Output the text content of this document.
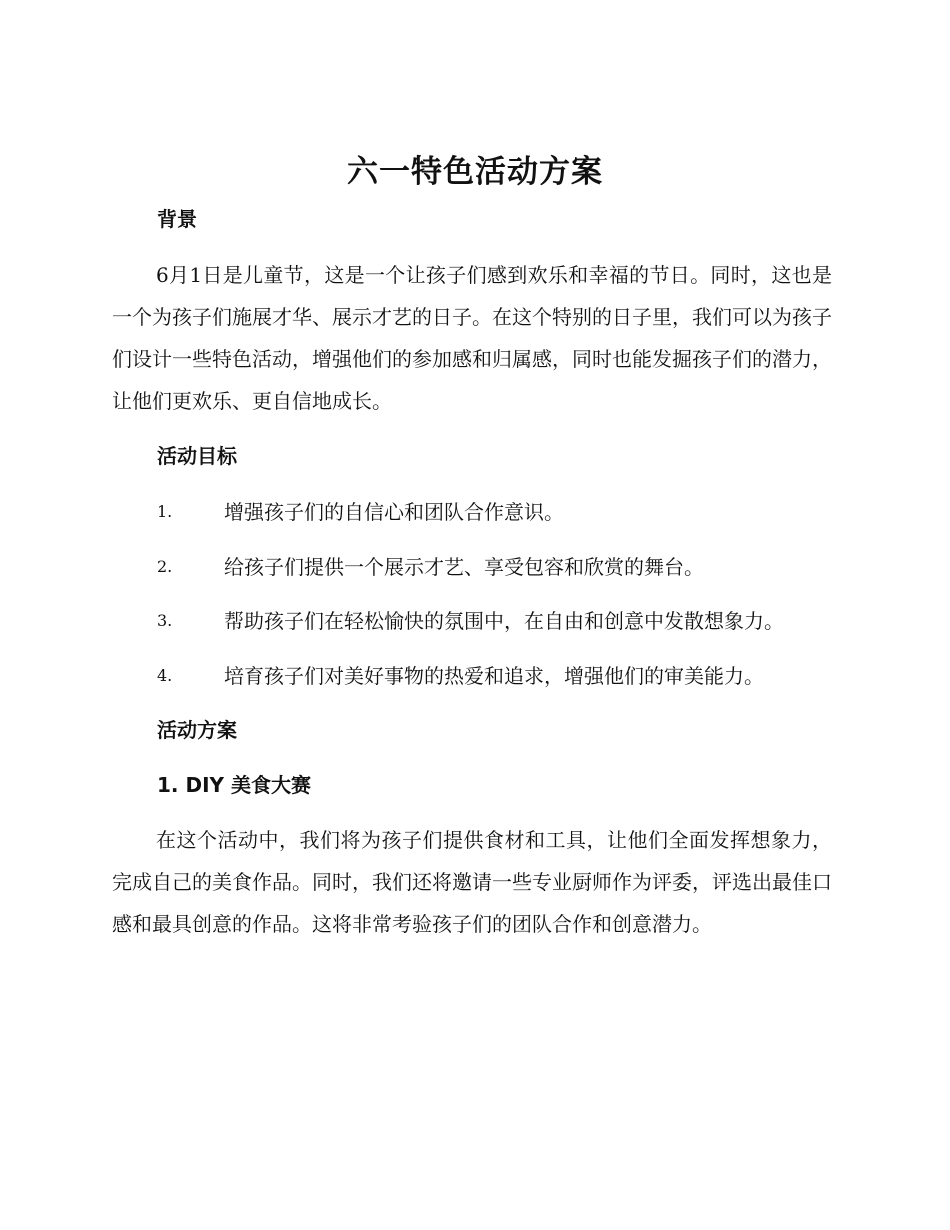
六一特色活动方案
背景
6月1日是儿童节，这是一个让孩子们感到欢乐和幸福的节日。同时，这也是一个为孩子们施展才华、展示才艺的日子。在这个特别的日子里，我们可以为孩子们设计一些特色活动，增强他们的参加感和归属感，同时也能发掘孩子们的潜力，让他们更欢乐、更自信地成长。
活动目标
1.	增强孩子们的自信心和团队合作意识。
2.	给孩子们提供一个展示才艺、享受包容和欣赏的舞台。
3.	帮助孩子们在轻松愉快的氛围中，在自由和创意中发散想象力。
4.	培育孩子们对美好事物的热爱和追求，增强他们的审美能力。
活动方案
1. DIY 美食大赛
在这个活动中，我们将为孩子们提供食材和工具，让他们全面发挥想象力，完成自己的美食作品。同时，我们还将邀请一些专业厨师作为评委，评选出最佳口感和最具创意的作品。这将非常考验孩子们的团队合作和创意潜力。
